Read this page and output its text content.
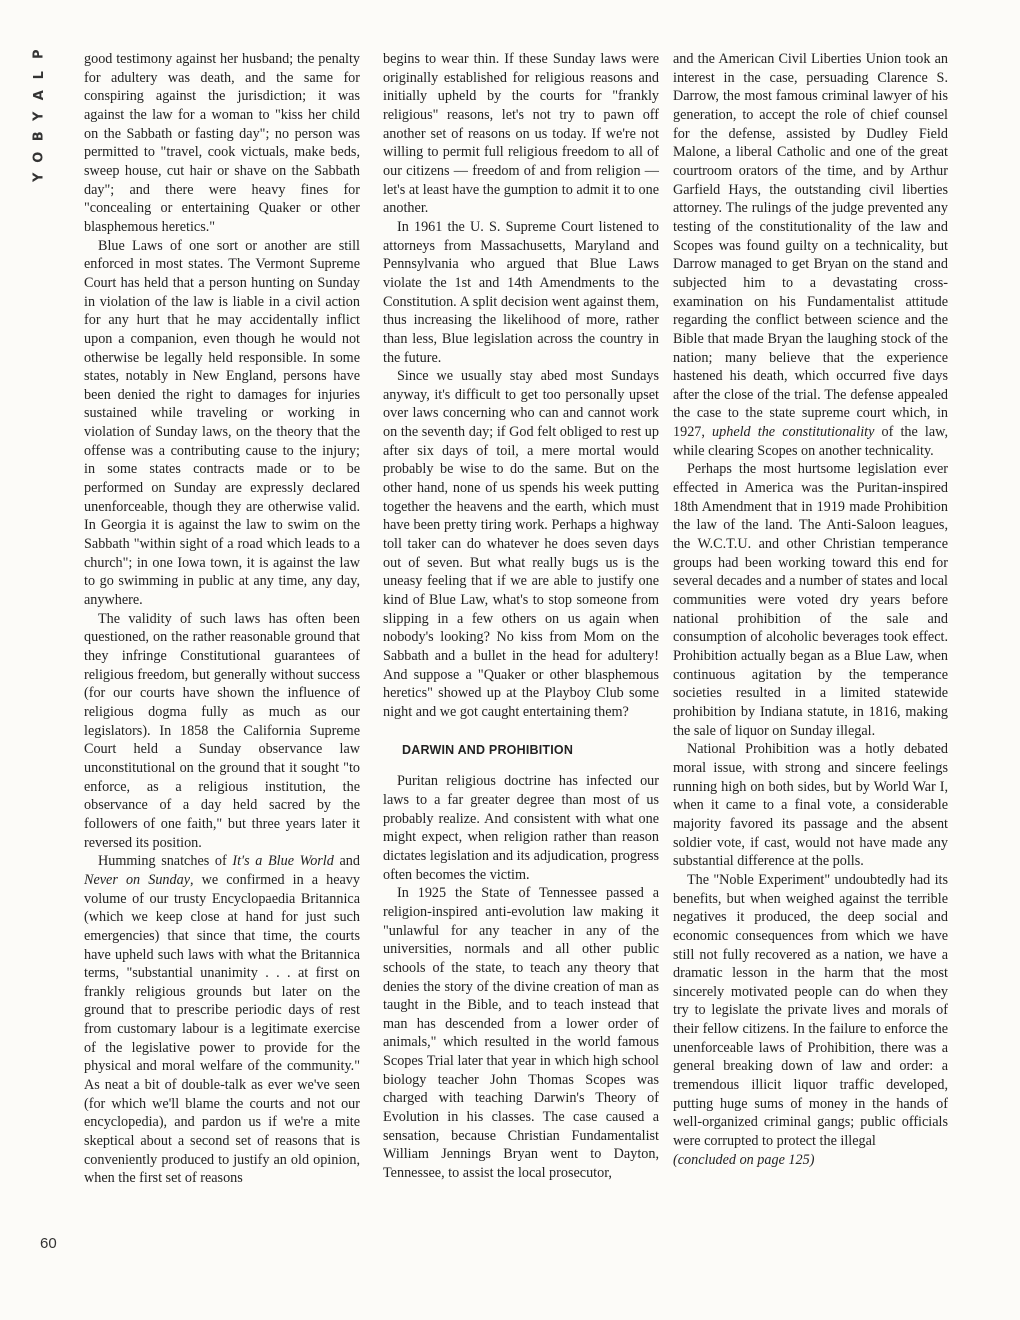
P
L
A
Y
B
O
Y
60

good testimony against her husband; the penalty for adultery was death, and the same for conspiring against the jurisdiction; it was against the law for a woman to "kiss her child on the Sabbath or fasting day"; no person was permitted to "travel, cook victuals, make beds, sweep house, cut hair or shave on the Sabbath day"; and there were heavy fines for "concealing or entertaining Quaker or other blasphemous heretics."

Blue Laws of one sort or another are still enforced in most states. The Vermont Supreme Court has held that a person hunting on Sunday in violation of the law is liable in a civil action for any hurt that he may accidentally inflict upon a companion, even though he would not otherwise be legally held responsible. In some states, notably in New England, persons have been denied the right to damages for injuries sustained while traveling or working in violation of Sunday laws, on the theory that the offense was a contributing cause to the injury; in some states contracts made or to be performed on Sunday are expressly declared unenforceable, though they are otherwise valid. In Georgia it is against the law to swim on the Sabbath "within sight of a road which leads to a church"; in one Iowa town, it is against the law to go swimming in public at any time, any day, anywhere.

The validity of such laws has often been questioned, on the rather reasonable ground that they infringe Constitutional guarantees of religious freedom, but generally without success (for our courts have shown the influence of religious dogma fully as much as our legislators). In 1858 the California Supreme Court held a Sunday observance law unconstitutional on the ground that it sought "to enforce, as a religious institution, the observance of a day held sacred by the followers of one faith," but three years later it reversed its position.

Humming snatches of It's a Blue World and Never on Sunday, we confirmed in a heavy volume of our trusty Encyclopaedia Britannica (which we keep close at hand for just such emergencies) that since that time, the courts have upheld such laws with what the Britannica terms, "substantial unanimity . . . at first on frankly religious grounds but later on the ground that to prescribe periodic days of rest from customary labour is a legitimate exercise of the legislative power to provide for the physical and moral welfare of the community." As neat a bit of double-talk as ever we've seen (for which we'll blame the courts and not our encyclopedia), and pardon us if we're a mite skeptical about a second set of reasons that is conveniently produced to justify an old opinion, when the first set of reasons

begins to wear thin. If these Sunday laws were originally established for religious reasons and initially upheld by the courts for "frankly religious" reasons, let's not try to pawn off another set of reasons on us today. If we're not willing to permit full religious freedom to all of our citizens — freedom of and from religion — let's at least have the gumption to admit it to one another.

In 1961 the U. S. Supreme Court listened to attorneys from Massachusetts, Maryland and Pennsylvania who argued that Blue Laws violate the 1st and 14th Amendments to the Constitution. A split decision went against them, thus increasing the likelihood of more, rather than less, Blue legislation across the country in the future.

Since we usually stay abed most Sundays anyway, it's difficult to get too personally upset over laws concerning who can and cannot work on the seventh day; if God felt obliged to rest up after six days of toil, a mere mortal would probably be wise to do the same. But on the other hand, none of us spends his week putting together the heavens and the earth, which must have been pretty tiring work. Perhaps a highway toll taker can do whatever he does seven days out of seven. But what really bugs us is the uneasy feeling that if we are able to justify one kind of Blue Law, what's to stop someone from slipping in a few others on us again when nobody's looking? No kiss from Mom on the Sabbath and a bullet in the head for adultery! And suppose a "Quaker or other blasphemous heretics" showed up at the Playboy Club some night and we got caught entertaining them?

DARWIN AND PROHIBITION

Puritan religious doctrine has infected our laws to a far greater degree than most of us probably realize. And consistent with what one might expect, when religion rather than reason dictates legislation and its adjudication, progress often becomes the victim.

In 1925 the State of Tennessee passed a religion-inspired anti-evolution law making it "unlawful for any teacher in any of the universities, normals and all other public schools of the state, to teach any theory that denies the story of the divine creation of man as taught in the Bible, and to teach instead that man has descended from a lower order of animals," which resulted in the world famous Scopes Trial later that year in which high school biology teacher John Thomas Scopes was charged with teaching Darwin's Theory of Evolution in his classes. The case caused a sensation, because Christian Fundamentalist William Jennings Bryan went to Dayton, Tennessee, to assist the local prosecutor,

and the American Civil Liberties Union took an interest in the case, persuading Clarence S. Darrow, the most famous criminal lawyer of his generation, to accept the role of chief counsel for the defense, assisted by Dudley Field Malone, a liberal Catholic and one of the great courtroom orators of the time, and by Arthur Garfield Hays, the outstanding civil liberties attorney. The rulings of the judge prevented any testing of the constitutionality of the law and Scopes was found guilty on a technicality, but Darrow managed to get Bryan on the stand and subjected him to a devastating cross-examination on his Fundamentalist attitude regarding the conflict between science and the Bible that made Bryan the laughing stock of the nation; many believe that the experience hastened his death, which occurred five days after the close of the trial. The defense appealed the case to the state supreme court which, in 1927, upheld the constitutionality of the law, while clearing Scopes on another technicality.

Perhaps the most hurtsome legislation ever effected in America was the Puritan-inspired 18th Amendment that in 1919 made Prohibition the law of the land. The Anti-Saloon leagues, the W.C.T.U. and other Christian temperance groups had been working toward this end for several decades and a number of states and local communities were voted dry years before national prohibition of the sale and consumption of alcoholic beverages took effect. Prohibition actually began as a Blue Law, when continuous agitation by the temperance societies resulted in a limited statewide prohibition by Indiana statute, in 1816, making the sale of liquor on Sunday illegal.

National Prohibition was a hotly debated moral issue, with strong and sincere feelings running high on both sides, but by World War I, when it came to a final vote, a considerable majority favored its passage and the absent soldier vote, if cast, would not have made any substantial difference at the polls.

The "Noble Experiment" undoubtedly had its benefits, but when weighed against the terrible negatives it produced, the deep social and economic consequences from which we have still not fully recovered as a nation, we have a dramatic lesson in the harm that the most sincerely motivated people can do when they try to legislate the private lives and morals of their fellow citizens. In the failure to enforce the unenforceable laws of Prohibition, there was a general breaking down of law and order: a tremendous illicit liquor traffic developed, putting huge sums of money in the hands of well-organized criminal gangs; public officials were corrupted to protect the illegal

(concluded on page 125)
